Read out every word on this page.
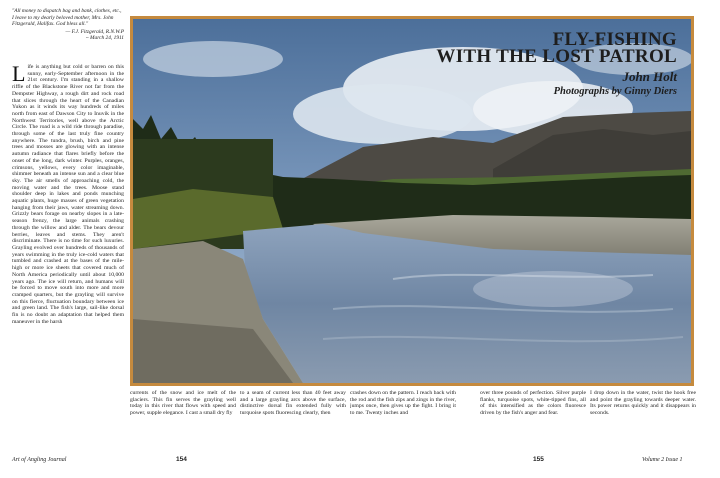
"All money to dispatch bag and bank, clothes, etc., I leave to my dearly beloved mother, Mrs. John Fitzgerald, Halifax. God bless all."
— F.J. Fitzgerald, R.N.W.P
~ March 24, 1911
L ife is anything but cold or barren on this sunny, early-September afternoon in the 21st century. I'm standing in a shallow riffle of the Blackstone River not far from the Dempster Highway, a rough dirt and rock road that slices through the heart of the Canadian Yukon as it winds its way hundreds of miles north from east of Dawson City to Inuvik in the Northwest Territories, well above the Arctic Circle. The road is a wild ride through paradise, through some of the last truly fine country anywhere. The tundra, brush, birch and pine trees and mosses are glowing with an intense autumn radiance that flares briefly before the onset of the long, dark winter. Purples, oranges, crimsons, yellows, every color imaginable, shimmer beneath an intense sun and a clear blue sky. The air smells of approaching cold, the moving water and the trees. Moose stand shoulder deep in lakes and ponds munching aquatic plants, huge masses of green vegetation hanging from their jaws, water streaming down. Grizzly bears forage on nearby slopes in a late-season frenzy, the large animals crashing through the willow and alder. The bears devour berries, leaves and stems. They aren't discriminate. There is no time for such luxuries. Grayling evolved over hundreds of thousands of years swimming in the truly ice-cold waters that tumbled and crashed at the bases of the mile-high or more ice sheets that covered much of North America periodically until about 10,000 years ago. The ice will return, and humans will be forced to move south into more and more cramped quarters, but the grayling will survive on this fierce, fluctuation boundary between ice and green land. The fish's large, sail-like dorsal fin is no doubt an adaptation that helped them maneuver in the harsh
FLY-FISHING
WITH THE LOST PATROL
John Holt
Photographs by Ginny Diers
currents of the snow and ice melt of the glaciers. This fin serves the grayling well today in this river that flows with speed and power, supple elegance. I cast a small dry fly
to a seam of current less than 40 feet away and a large grayling arcs above the surface, distinctive dorsal fin extended fully with turquoise spots fluorescing clearly, then
crashes down on the pattern. I reach back with the rod and the fish zips and zings in the river, jumps once, then gives up the fight. I bring it to me. Twenty inches and
over three pounds of perfection. Silver purple flanks, turquoise spots, white-tipped fins, all of this intensified as the colors fluoresce driven by the fish's anger and fear.
I drop down in the water, twist the hook free and point the grayling towards deeper water. Its power returns quickly and it disappears in seconds.
Art of Angling Journal	154	155	Volume 2 Issue 1
